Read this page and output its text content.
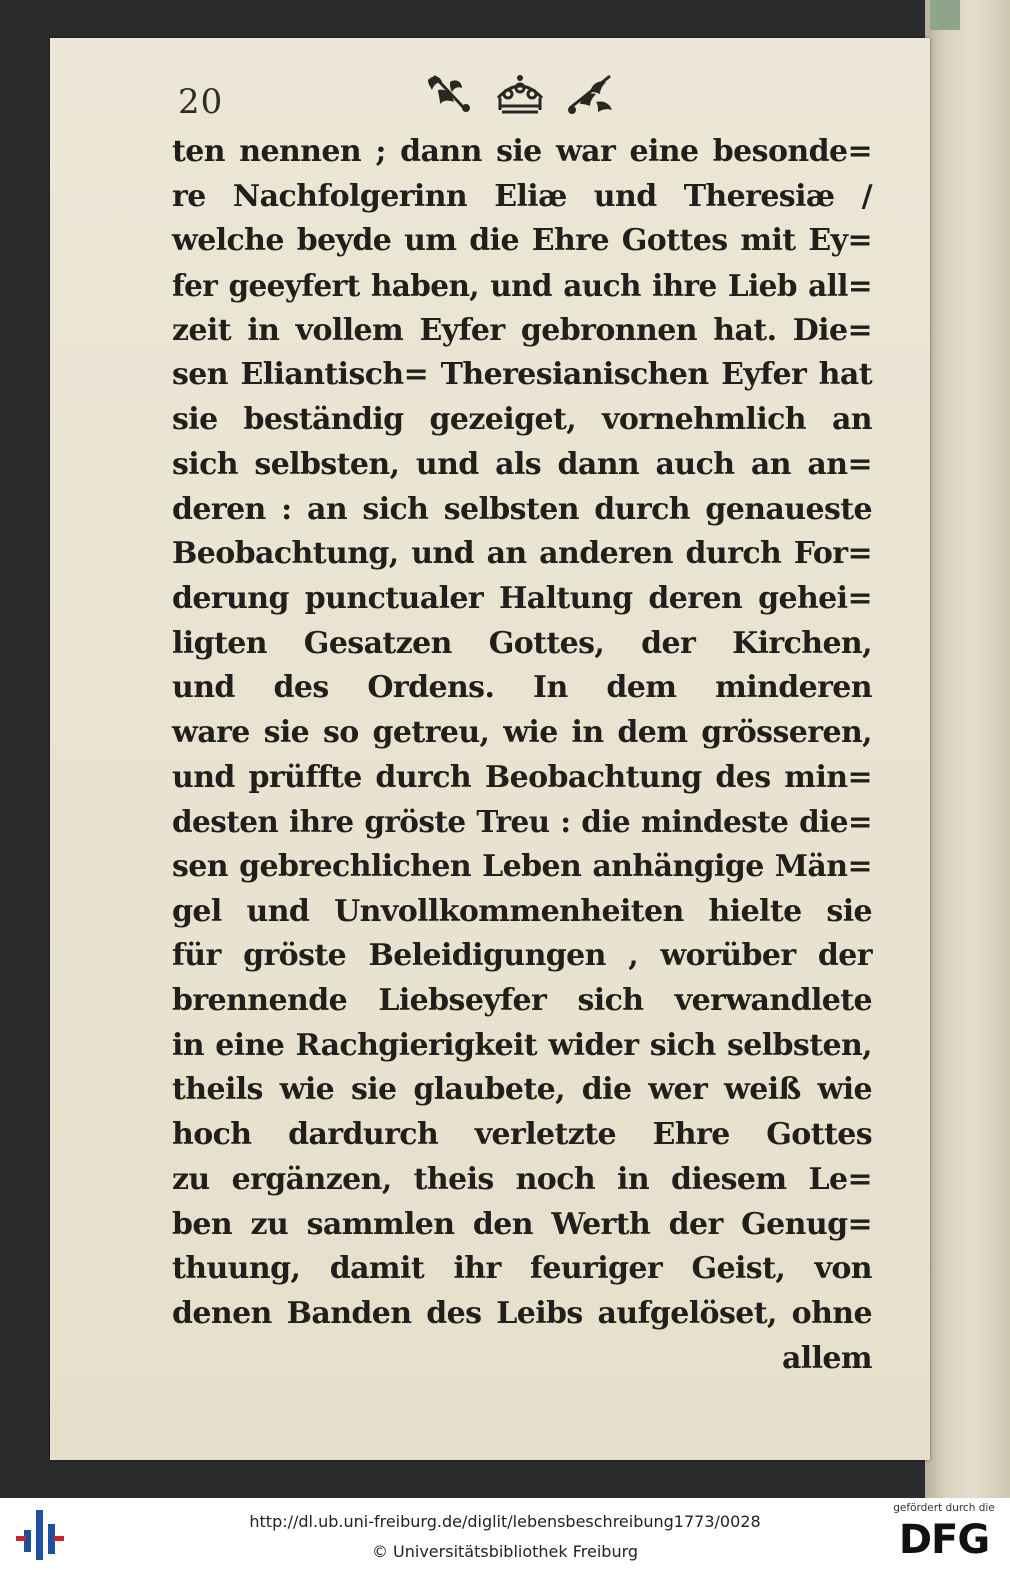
20
ten nennen ; dann sie war eine besonde=
re Nachfolgerinn Eliæ und Theresiæ /
welche beyde um die Ehre Gottes mit Ey=
fer geeyfert haben, und auch ihre Lieb all=
zeit in vollem Eyfer gebronnen hat. Die=
sen Eliantisch= Theresianischen Eyfer hat
sie beständig gezeiget, vornehmlich an
sich selbsten, und als dann auch an an=
deren : an sich selbsten durch genaueste
Beobachtung, und an anderen durch For=
derung punctualer Haltung deren gehei=
ligten Gesatzen Gottes, der Kirchen,
und des Ordens. In dem minderen
ware sie so getreu, wie in dem grösseren,
und prüffte durch Beobachtung des min=
desten ihre gröste Treu : die mindeste die=
sen gebrechlichen Leben anhängige Män=
gel und Unvollkommenheiten hielte sie
für gröste Beleidigungen , worüber der
brennende Liebseyfer sich verwandlete
in eine Rachgierigkeit wider sich selbsten,
theils wie sie glaubete, die wer weiß wie
hoch dardurch verletzte Ehre Gottes
zu ergänzen, theis noch in diesem Le=
ben zu sammlen den Werth der Genug=
thuung, damit ihr feuriger Geist, von
denen Banden des Leibs aufgelöset, ohne
allem
http://dl.ub.uni-freiburg.de/diglit/lebensbeschreibung1773/0028
© Universitätsbibliothek Freiburg
gefördert durch die
DFG
